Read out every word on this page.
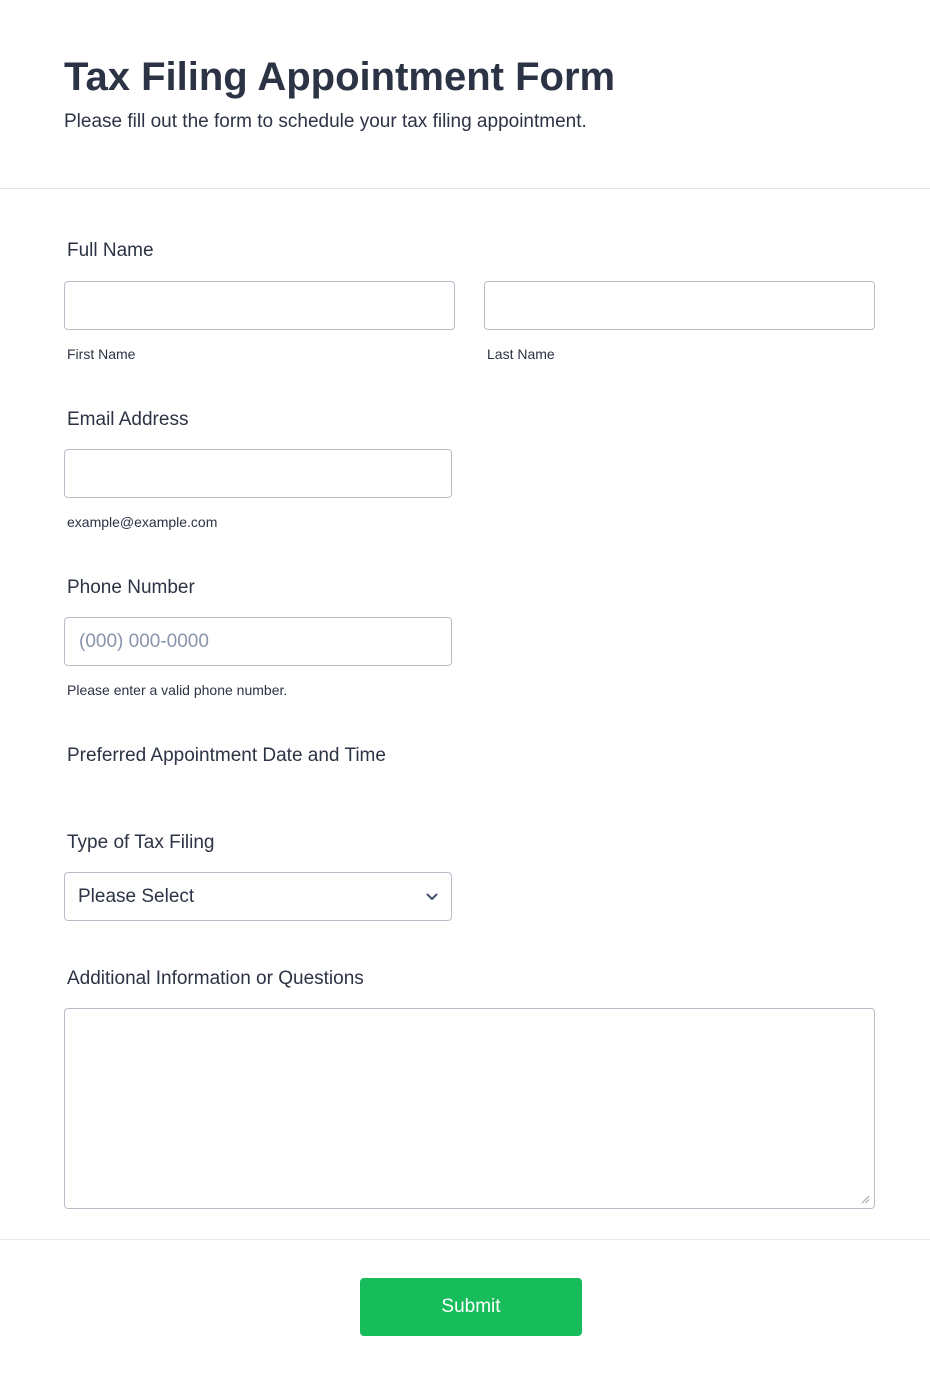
Tax Filing Appointment Form
Please fill out the form to schedule your tax filing appointment.
Full Name
First Name	Last Name
Email Address
example@example.com
Phone Number
(000) 000-0000
Please enter a valid phone number.
Preferred Appointment Date and Time
Type of Tax Filing
Please Select
Additional Information or Questions
Submit
